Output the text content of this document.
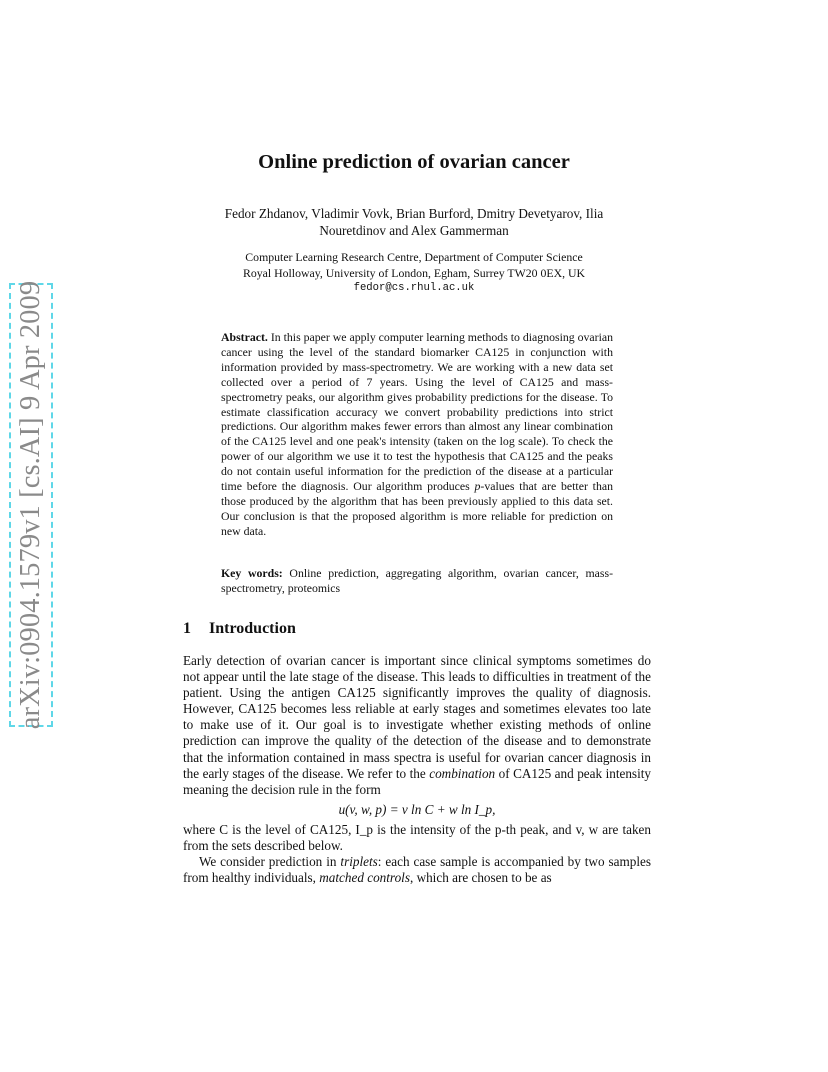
arXiv:0904.1579v1 [cs.AI] 9 Apr 2009
Online prediction of ovarian cancer
Fedor Zhdanov, Vladimir Vovk, Brian Burford, Dmitry Devetyarov, Ilia
Nouretdinov and Alex Gammerman
Computer Learning Research Centre, Department of Computer Science
Royal Holloway, University of London, Egham, Surrey TW20 0EX, UK
fedor@cs.rhul.ac.uk
Abstract. In this paper we apply computer learning methods to diagnosing ovarian cancer using the level of the standard biomarker CA125 in conjunction with information provided by mass-spectrometry. We are working with a new data set collected over a period of 7 years. Using the level of CA125 and mass-spectrometry peaks, our algorithm gives probability predictions for the disease. To estimate classification accuracy we convert probability predictions into strict predictions. Our algorithm makes fewer errors than almost any linear combination of the CA125 level and one peak's intensity (taken on the log scale). To check the power of our algorithm we use it to test the hypothesis that CA125 and the peaks do not contain useful information for the prediction of the disease at a particular time before the diagnosis. Our algorithm produces p-values that are better than those produced by the algorithm that has been previously applied to this data set. Our conclusion is that the proposed algorithm is more reliable for prediction on new data.
Key words: Online prediction, aggregating algorithm, ovarian cancer, mass-spectrometry, proteomics
1 Introduction

Early detection of ovarian cancer is important since clinical symptoms sometimes do not appear until the late stage of the disease. This leads to difficulties in treatment of the patient. Using the antigen CA125 significantly improves the quality of diagnosis. However, CA125 becomes less reliable at early stages and sometimes elevates too late to make use of it. Our goal is to investigate whether existing methods of online prediction can improve the quality of the detection of the disease and to demonstrate that the information contained in mass spectra is useful for ovarian cancer diagnosis in the early stages of the disease. We refer to the combination of CA125 and peak intensity meaning the decision rule in the form

u(v, w, p) = v ln C + w ln I_p,

where C is the level of CA125, I_p is the intensity of the p-th peak, and v, w are taken from the sets described below.

We consider prediction in triplets: each case sample is accompanied by two samples from healthy individuals, matched controls, which are chosen to be as
